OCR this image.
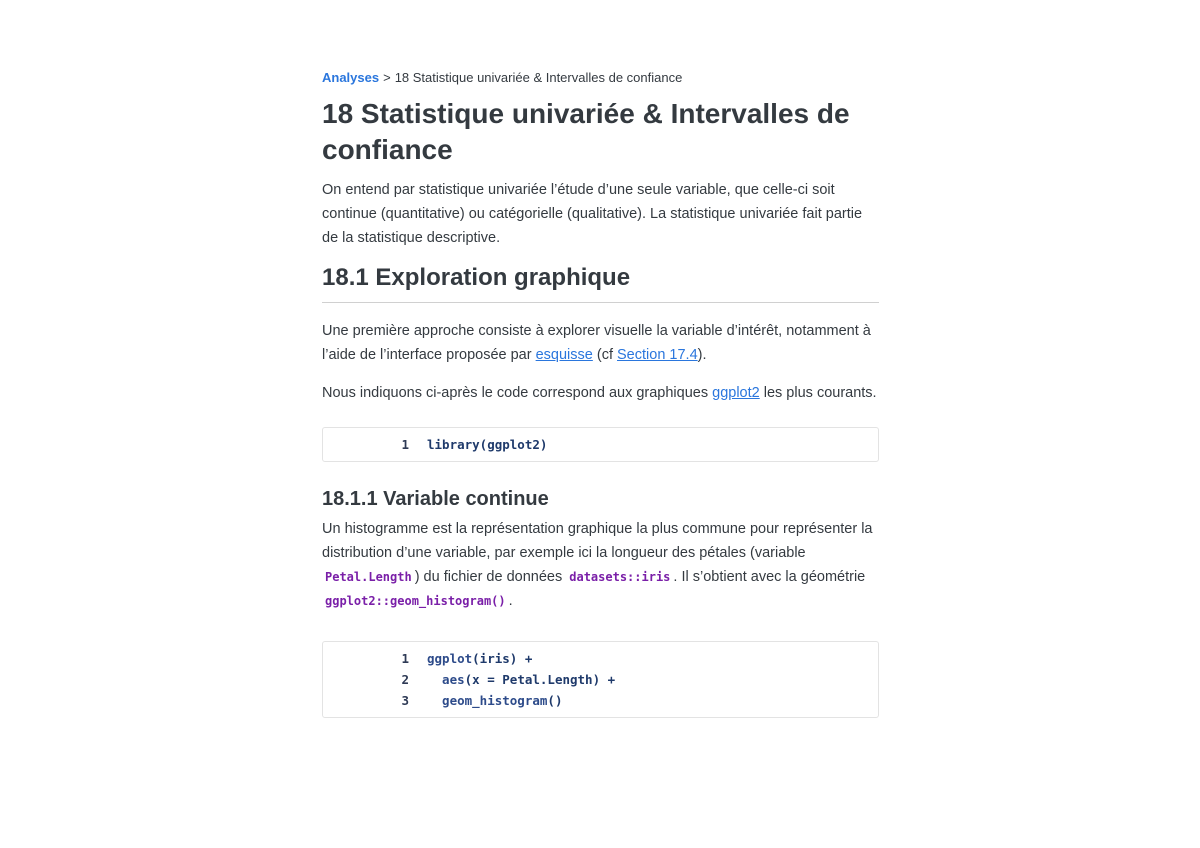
Analyses > 18 Statistique univariée & Intervalles de confiance
18 Statistique univariée & Intervalles de confiance

On entend par statistique univariée l’étude d’une seule variable, que celle-ci soit continue (quantitative) ou catégorielle (qualitative). La statistique univariée fait partie de la statistique descriptive.

18.1 Exploration graphique

Une première approche consiste à explorer visuelle la variable d’intérêt, notamment à l’aide de l’interface proposée par esquisse (cf Section 17.4).

Nous indiquons ci-après le code correspond aux graphiques ggplot2 les plus courants.

1	library(ggplot2)
18.1.1 Variable continue

Un histogramme est la représentation graphique la plus commune pour représenter la distribution d’une variable, par exemple ici la longueur des pétales (variable Petal.Length ) du fichier de données datasets::iris . Il s’obtient avec la géométrie ggplot2::geom_histogram() .

1	ggplot(iris) +
2	aes(x = Petal.Length) +
3	geom_histogram()
